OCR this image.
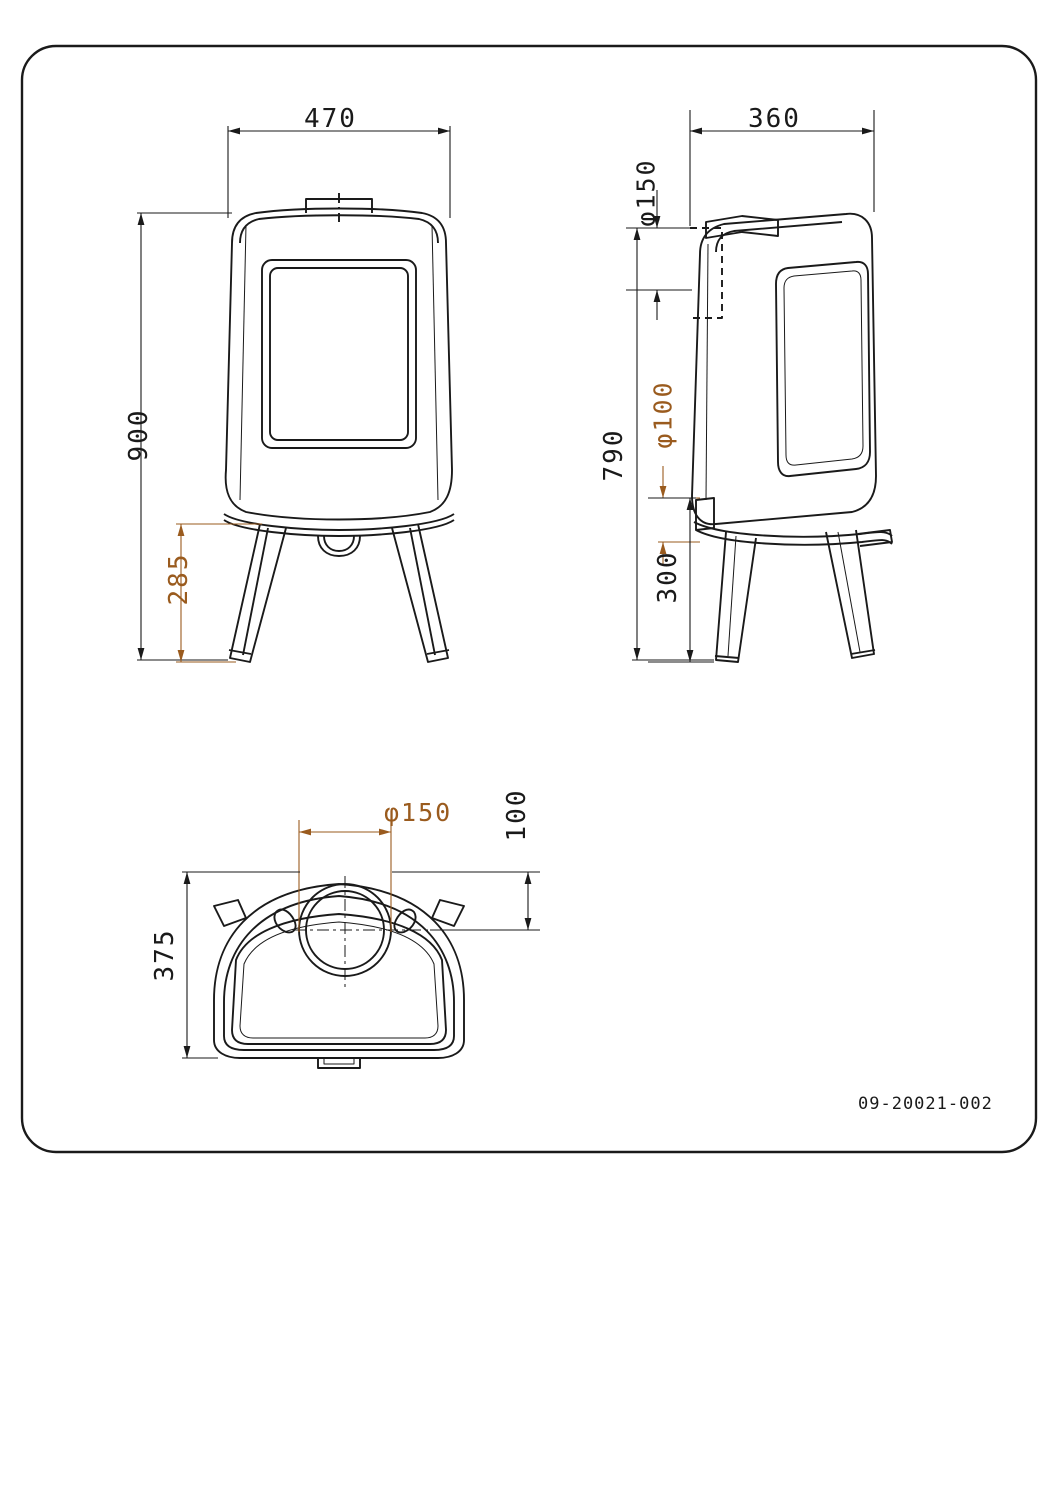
470
900
285
360
φ150
790
φ100
300
φ150 100
375
09-20021-002
